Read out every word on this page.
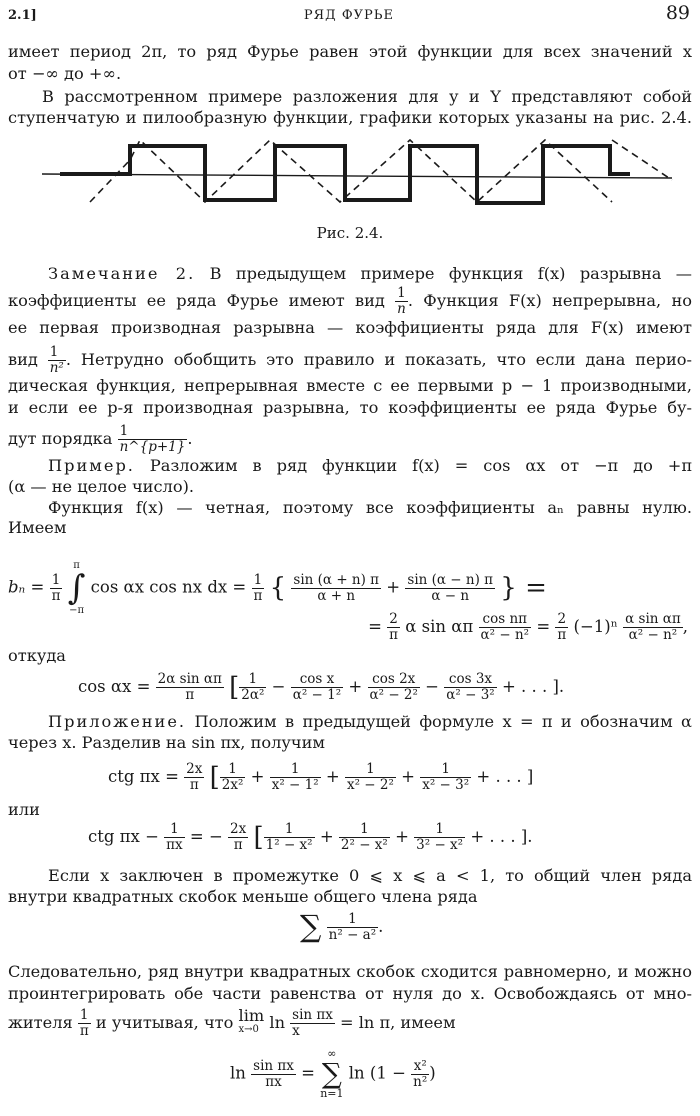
2.1]	РЯД ФУРЬЕ	89
имеет период 2π, то ряд Фурье равен этой функции для всех значений x
от −∞ до +∞.
В рассмотренном примере разложения для y и Y представляют собой
ступенчатую и пилообразную функции, графики которых указаны на рис. 2.4.
Рис. 2.4.
Замечание 2. В предыдущем примере функция f(x) разрывна —
коэффициенты ее ряда Фурье имеют вид $\frac{1}{n}$ . Функция F(x) непрерывна, но
ее первая производная разрывна — коэффициенты ряда для F(x) имеют
вид $\frac{1}{\text{n²}}$ . Нетрудно обобщить это правило и показать, что если дана перио-
дическая функция, непрерывная вместе с ее первыми p − 1 производными,
и если ее p-я производная разрывна, то коэффициенты ее ряда Фурье бу-
дут порядка $\frac{1}{n\^{}\{p+1\}}$ .
Пример. Разложим в ряд функции f(x) = cos αx от −π до +π
(α — не целое число).
Функция f(x) — четная, поэтому все коэффициенты aₙ равны нулю.
Имеем
$b_n = \frac{1}{\pi}$

π
∫
−π
cos αx cos nx dx = $\frac{1}{\pi}$ { $\frac{\sin (\alpha + n) \pi}{\alpha + n} + \frac{\sin (\alpha - n) \pi}{\alpha - n}$ } =
= $\frac{2}{\pi}$ α sin απ $\frac{\text{cos nπ}}{\text{α² − n²}} = \frac{2}{\pi} (-1)^n \frac{\text{α sin απ}}{\text{α² − n²}}$ ,
откуда
$\cos \alpha x = \frac{\text{2α sin απ}}{\pi}$ [ $\frac{1}{\text{2α²}} - \frac{\text{cos x}}{\text{α² − 1²}} + \frac{\cos 2x}{\text{α² − 2²}} - \frac{\cos 3x}{\text{α² − 3²}}$ + . . . ].
Приложение. Положим в предыдущей формуле x = π и обозначим α
через x. Разделив на sin πx, получим
ctg $\pi x = \frac{2x}{\pi}$ [ $\frac{1}{\text{2x²}} + \frac{1}{\text{x² − 1²}} + \frac{1}{\text{x² − 2²}} + \frac{1}{\text{x² − 3²}}$ + . . . ]
или
ctg $\pi x - \frac{1}{\pi x}$ = − $\frac{2x}{\pi}$ [ $\frac{1}{\text{1² − x²}} + \frac{1}{\text{2² − x²}} + \frac{1}{\text{3² − x²}}$ + . . . ].
Если x заключен в промежутке 0 ⩽ x ⩽ a < 1, то общий член ряда
внутри квадратных скобок меньше общего члена ряда
∑ $\frac{1}{\text{n² − a²}}$ .
Следовательно, ряд внутри квадратных скобок сходится равномерно, и можно
проинтегрировать обе части равенства от нуля до x. Освобождаясь от мно-
жителя $\frac{1}{\pi}$ и учитывая, что lim
x→0 $\ln \frac{\text{sin πx}}{x} = \ln \pi$, имеем
$\ln \frac{\text{sin πx}}{\pi x}$ =
∞
∑
n=1
$\ln (1 - \frac{\text{x²}}{\text{n²}}$ )
